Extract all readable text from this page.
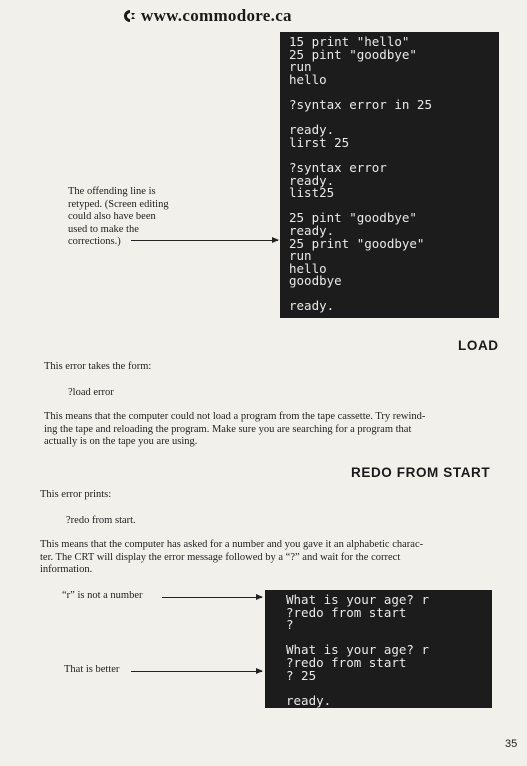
www.commodore.ca
15 print "hello"
25 pint "goodbye"
run
hello
?syntax error in 25
ready.
lirst 25
?syntax error
ready.
list25
25 pint "goodbye"
ready.
25 print "goodbye"
run
hello
goodbye
ready.
The offending line is
retyped. (Screen editing
could also have been
used to make the
corrections.)
LOAD
This error takes the form:
?load error
This means that the computer could not load a program from the tape cassette. Try rewind-
ing the tape and reloading the program. Make sure you are searching for a program that
actually is on the tape you are using.
REDO FROM START
This error prints:
?redo from start.
This means that the computer has asked for a number and you gave it an alphabetic charac-
ter. The CRT will display the error message followed by a “?” and wait for the correct
information.
“r” is not a number
That is better
What is your age? r
?redo from start
?
What is your age? r
?redo from start
? 25
ready.
35
